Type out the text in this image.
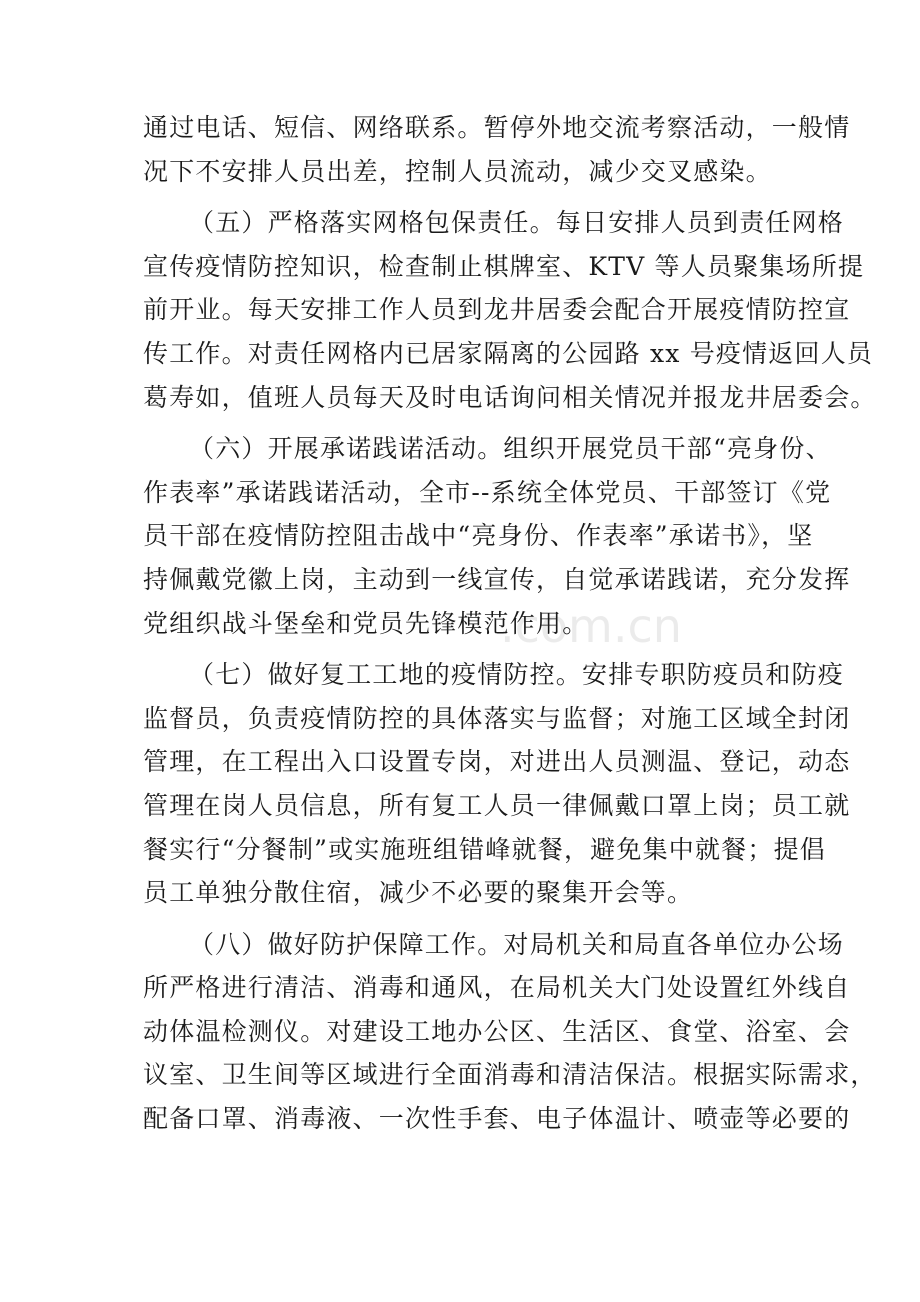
通过电话、短信、网络联系。暂停外地交流考察活动，一般情
况下不安排人员出差，控制人员流动，减少交叉感染。
（五）严格落实网格包保责任。每日安排人员到责任网格
宣传疫情防控知识，检查制止棋牌室、KTV 等人员聚集场所提
前开业。每天安排工作人员到龙井居委会配合开展疫情防控宣
传工作。对责任网格内已居家隔离的公园路 xx 号疫情返回人员
葛寿如，值班人员每天及时电话询问相关情况并报龙井居委会。
（六）开展承诺践诺活动。组织开展党员干部“亮身份、
作表率”承诺践诺活动，全市--系统全体党员、干部签订《党
员干部在疫情防控阻击战中“亮身份、作表率”承诺书》，坚
持佩戴党徽上岗，主动到一线宣传，自觉承诺践诺，充分发挥
党组织战斗堡垒和党员先锋模范作用。
（七）做好复工工地的疫情防控。安排专职防疫员和防疫
监督员，负责疫情防控的具体落实与监督；对施工区域全封闭
管理，在工程出入口设置专岗，对进出人员测温、登记，动态
管理在岗人员信息，所有复工人员一律佩戴口罩上岗；员工就
餐实行“分餐制”或实施班组错峰就餐，避免集中就餐；提倡
员工单独分散住宿，减少不必要的聚集开会等。
（八）做好防护保障工作。对局机关和局直各单位办公场
所严格进行清洁、消毒和通风，在局机关大门处设置红外线自
动体温检测仪。对建设工地办公区、生活区、食堂、浴室、会
议室、卫生间等区域进行全面消毒和清洁保洁。根据实际需求，
配备口罩、消毒液、一次性手套、电子体温计、喷壶等必要的
.com.cn
